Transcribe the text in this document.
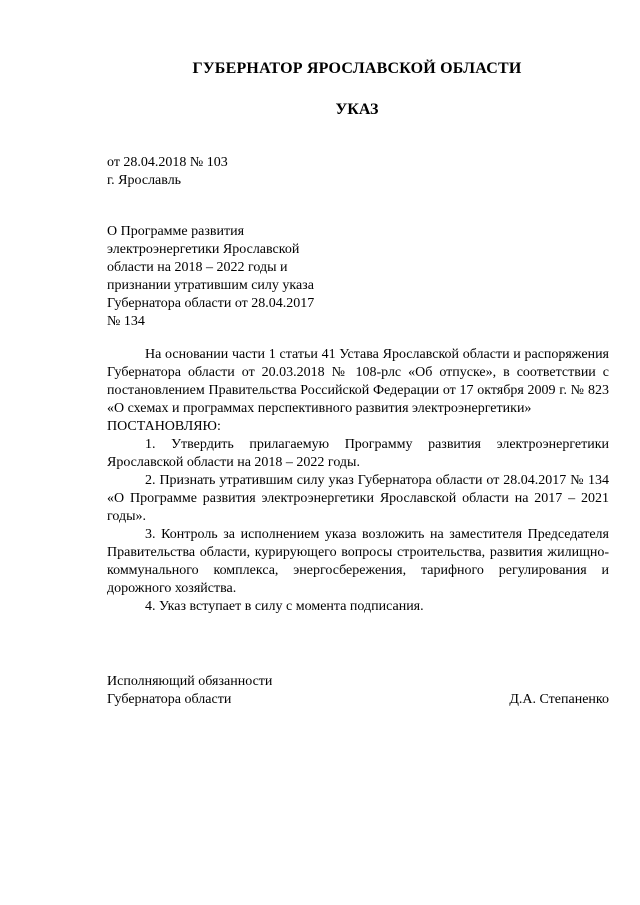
ГУБЕРНАТОР ЯРОСЛАВСКОЙ ОБЛАСТИ
УКАЗ
от 28.04.2018 № 103
г. Ярославль
О Программе развития
электроэнергетики Ярославской
области на 2018 – 2022 годы и
признании утратившим силу указа
Губернатора области от 28.04.2017
№ 134

На основании части 1 статьи 41 Устава Ярославской области и распоряжения Губернатора области от 20.03.2018 № 108-рлс «Об отпуске», в соответствии с постановлением Правительства Российской Федерации от 17 октября 2009 г. № 823 «О схемах и программах перспективного развития электроэнергетики»

ПОСТАНОВЛЯЮ:

1. Утвердить прилагаемую Программу развития электроэнергетики Ярославской области на 2018 – 2022 годы.

2. Признать утратившим силу указ Губернатора области от 28.04.2017 № 134 «О Программе развития электроэнергетики Ярославской области на 2017 – 2021 годы».

3. Контроль за исполнением указа возложить на заместителя Председателя Правительства области, курирующего вопросы строительства, развития жилищно-коммунального комплекса, энергосбережения, тарифного регулирования и дорожного хозяйства.

4. Указ вступает в силу с момента подписания.

Исполняющий обязанности
Губернатора области	Д.А. Степаненко
